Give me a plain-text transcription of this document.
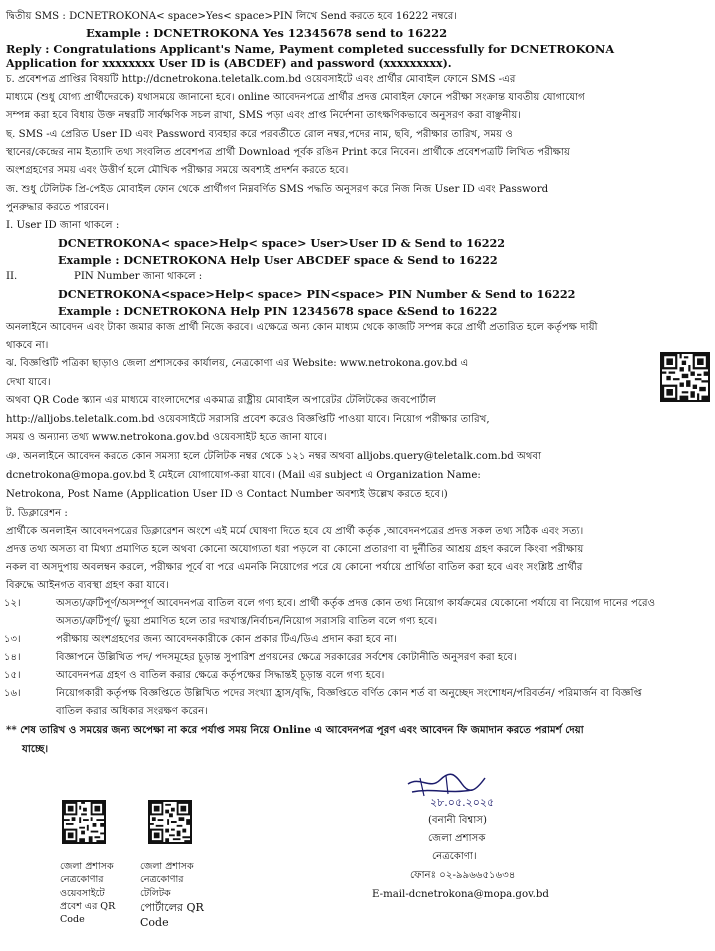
দ্বিতীয় SMS : DCNETROKONA< space>Yes< space>PIN লিখে Send করতে হবে 16222 নম্বরে।
Example : DCNETROKONA Yes 12345678 send to 16222
Reply : Congratulations Applicant's Name, Payment completed successfully for DCNETROKONA
Application for xxxxxxxx User ID is (ABCDEF) and password (xxxxxxxxx).
চ. প্রবেশপত্র প্রাপ্তির বিষয়টি http://dcnetrokona.teletalk.com.bd ওয়েবসাইটে এবং প্রার্থীর মোবাইল ফোনে SMS -এর
মাধ্যমে (শুধু যোগ্য প্রার্থীদেরকে) যথাসময়ে জানানো হবে। online আবেদনপত্রে প্রার্থীর প্রদত্ত মোবাইল ফোনে পরীক্ষা সংক্রান্ত যাবতীয় যোগাযোগ
সম্পন্ন করা হবে বিধায় উক্ত নম্বরটি সার্বক্ষণিক সচল রাখা, SMS পড়া এবং প্রাপ্ত নির্দেশনা তাৎক্ষণিকভাবে অনুসরণ করা বাঞ্ছনীয়।
ছ. SMS -এ প্রেরিত User ID এবং Password ব্যবহার করে পরবর্তীতে রোল নম্বর,পদের নাম, ছবি, পরীক্ষার তারিখ, সময় ও
স্থানের/কেন্দ্রের নাম ইত্যাদি তথ্য সংবলিত প্রবেশপত্র প্রার্থী Download পূর্বক রঙিন Print করে নিবেন। প্রার্থীকে প্রবেশপত্রটি লিখিত পরীক্ষায়
অংশগ্রহণের সময় এবং উত্তীর্ণ হলে মৌখিক পরীক্ষার সময়ে অবশ্যই প্রদর্শন করতে হবে।
জ. শুধু টেলিটক প্রি-পেইড মোবাইল ফোন থেকে প্রার্থীগণ নিম্নবর্ণিত SMS পদ্ধতি অনুসরণ করে নিজ নিজ User ID এবং Password
পুনরুদ্ধার করতে পারবেন।
I. User ID জানা থাকলে :
DCNETROKONA< space>Help< space> User>User ID & Send to 16222
Example : DCNETROKONA Help User ABCDEF space & Send to 16222
II.	PIN Number জানা থাকলে :
DCNETROKONA<space>Help< space> PIN<space> PIN Number & Send to 16222
Example : DCNETROKONA Help PIN 12345678 space &Send to 16222
অনলাইনে আবেদন এবং টাকা জমার কাজ প্রার্থী নিজে করবে। এক্ষেত্রে অন্য কোন মাধ্যম থেকে কাজটি সম্পন্ন করে প্রার্থী প্রতারিত হলে কর্তৃপক্ষ দায়ী
থাকবে না।
ঝ. বিজ্ঞপ্তিটি পত্রিকা ছাড়াও জেলা প্রশাসকের কার্যালয়, নেত্রকোণা এর Website: www.netrokona.gov.bd এ
দেখা যাবে।
অথবা QR Code স্ক্যান এর মাধ্যমে বাংলাদেশের একমাত্র রাষ্ট্রীয় মোবাইল অপারেটর টেলিটকের জবপোর্টাল
http://alljobs.teletalk.com.bd ওয়েবসাইটে সরাসরি প্রবেশ করেও বিজ্ঞপ্তিটি পাওয়া যাবে। নিয়োগ পরীক্ষার তারিখ,
সময় ও অন্যান্য তথ্য www.netrokona.gov.bd ওয়েবসাইট হতে জানা যাবে।
ঞ. অনলাইনে আবেদন করতে কোন সমস্যা হলে টেলিটক নম্বর থেকে ১২১ নম্বর অথবা alljobs.query@teletalk.com.bd অথবা
dcnetrokona@mopa.gov.bd ই মেইলে যোগাযোগ-করা যাবে। (Mail এর subject এ Organization Name:
Netrokona, Post Name (Application User ID ও Contact Number অবশ্যই উল্লেখ করতে হবে।)
ট. ডিক্লারেশন :
প্রার্থীকে অনলাইন আবেদনপত্রের ডিক্লারেশন অংশে এই মর্মে ঘোষণা দিতে হবে যে প্রার্থী কর্তৃক ,আবেদনপত্রের প্রদত্ত সকল তথ্য সঠিক এবং সত্য।
প্রদত্ত তথ্য অসত্য বা মিথ্যা প্রমাণিত হলে অথবা কোনো অযোগ্যতা ধরা পড়লে বা কোনো প্রতারণা বা দুর্নীতির আশ্রয় গ্রহণ করলে কিংবা পরীক্ষায়
নকল বা অসদুপায় অবলম্বন করলে, পরীক্ষার পূর্বে বা পরে এমনকি নিয়োগের পরে যে কোনো পর্যায়ে প্রার্থিতা বাতিল করা হবে এবং সংশ্লিষ্ট প্রার্থীর
বিরুদ্ধে আইনগত ব্যবস্থা গ্রহণ করা যাবে।
১২।	অসত্য/ত্রুটিপূর্ণ/অসম্পূর্ণ আবেদনপত্র বাতিল বলে গণ্য হবে। প্রার্থী কর্তৃক প্রদত্ত কোন তথ্য নিয়োগ কার্যক্রমের যেকোনো পর্যায়ে বা নিয়োগ দানের পরেও
অসত্য/ত্রুটিপূর্ণ/ ভুয়া প্রমাণিত হলে তার দরখাস্ত/নির্বাচন/নিয়োগ সরাসরি বাতিল বলে গণ্য হবে।
১৩।	পরীক্ষায় অংশগ্রহণের জন্য আবেদনকারীকে কোন প্রকার টিএ/ডিএ প্রদান করা হবে না।
১৪।	বিজ্ঞাপনে উল্লিখিত পদ/ পদসমূহের চূড়ান্ত সুপারিশ প্রণয়নের ক্ষেত্রে সরকারের সর্বশেষ কোটানীতি অনুসরণ করা হবে।
১৫।	আবেদনপত্র গ্রহণ ও বাতিল করার ক্ষেত্রে কর্তৃপক্ষের সিদ্ধান্তই চূড়ান্ত বলে গণ্য হবে।
১৬।	নিয়োগকারী কর্তৃপক্ষ বিজ্ঞপ্তিতে উল্লিখিত পদের সংখ্যা হ্রাস/বৃদ্ধি, বিজ্ঞপ্তিতে বর্ণিত কোন শর্ত বা অনুচ্ছেদ সংশোধন/পরিবর্তন/ পরিমার্জন বা বিজ্ঞপ্তি
বাতিল করার অধিকার সংরক্ষণ করেন।
** শেষ তারিখ ও সময়ের জন্য অপেক্ষা না করে পর্যাপ্ত সময় নিয়ে Online এ আবেদনপত্র পূরণ এবং আবেদন ফি জমাদান করতে পরামর্শ দেয়া
যাচ্ছে।
জেলা প্রশাসক
নেত্রকোণার
ওয়েবসাইটে
প্রবেশ এর QR
Code
জেলা প্রশাসক
নেত্রকোণার
টেলিটক
পোর্টালের QR
Code
২৮.০৫.২০২৫
(বনানী বিশ্বাস)
জেলা প্রশাসক
নেত্রকোণা।
ফোনঃ ০২-৯৯৬৬৫১৬৩৪
E-mail-dcnetrokona@mopa.gov.bd
